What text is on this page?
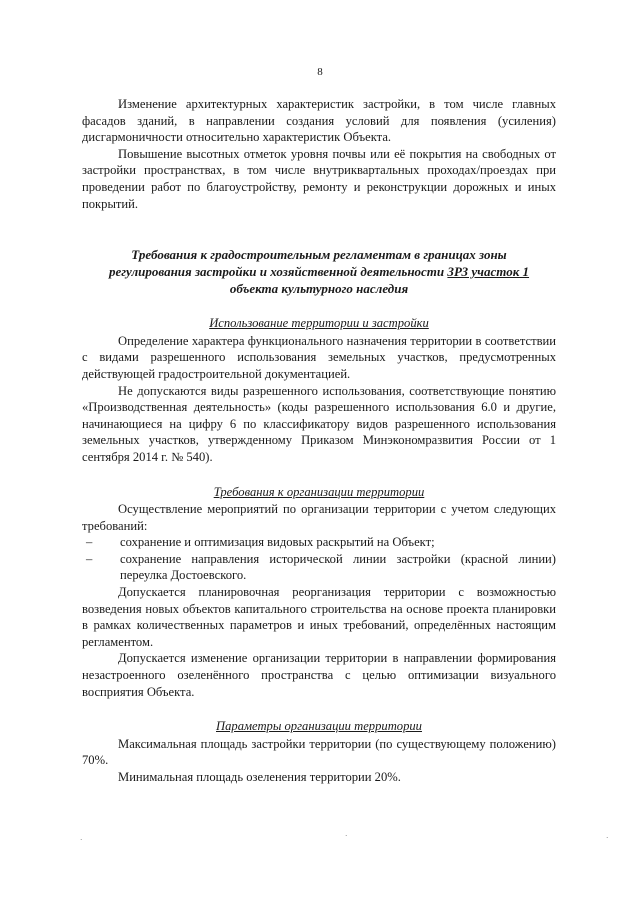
8

Изменение архитектурных характеристик застройки, в том числе главных фасадов зданий, в направлении создания условий для появления (усиления) дисгармоничности относительно характеристик Объекта.

Повышение высотных отметок уровня почвы или её покрытия на свободных от застройки пространствах, в том числе внутриквартальных проходах/проездах при проведении работ по благоустройству, ремонту и реконструкции дорожных и иных покрытий.

Требования к градостроительным регламентам в границах зоны
регулирования застройки и хозяйственной деятельности ЗРЗ участок 1
объекта культурного наследия
Использование территории и застройки

Определение характера функционального назначения территории в соответствии с видами разрешенного использования земельных участков, предусмотренных действующей градостроительной документацией.

Не допускаются виды разрешенного использования, соответствующие понятию «Производственная деятельность» (коды разрешенного использования 6.0 и другие, начинающиеся на цифру 6 по классификатору видов разрешенного использования земельных участков, утвержденному Приказом Минэкономразвития России от 1 сентября 2014 г. № 540).

Требования к организации территории

Осуществление мероприятий по организации территории с учетом следующих требований:

–	сохранение и оптимизация видовых раскрытий на Объект;
–	сохранение направления исторической линии застройки (красной линии) переулка Достоевского.

Допускается планировочная реорганизация территории с возможностью возведения новых объектов капитального строительства на основе проекта планировки в рамках количественных параметров и иных требований, определённых настоящим регламентом.

Допускается изменение организации территории в направлении формирования незастроенного озеленённого пространства с целью оптимизации визуального восприятия Объекта.

Параметры организации территории

Максимальная площадь застройки территории (по существующему положению) 70%.

Минимальная площадь озеленения территории 20%.

·	·	·
